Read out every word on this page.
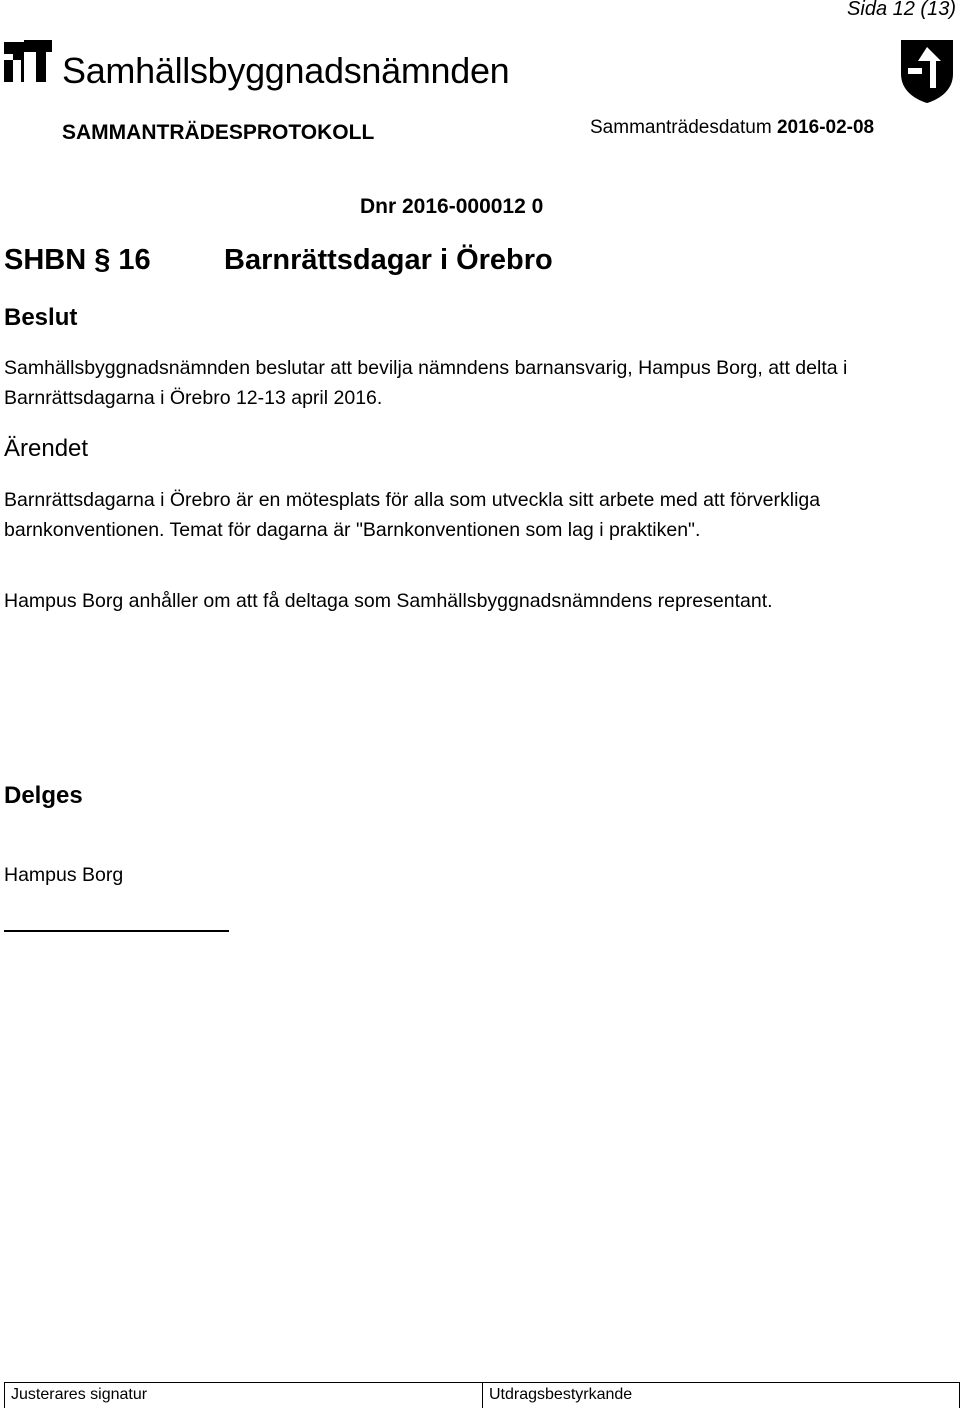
Sida 12 (13)
Samhällsbyggnadsnämnden
SAMMANTRÄDESPROTOKOLL	Sammanträdesdatum 2016-02-08
Dnr 2016-000012 0
SHBN § 16	Barnrättsdagar i Örebro
Beslut
Samhällsbyggnadsnämnden beslutar att bevilja nämndens barnansvarig, Hampus Borg, att delta i Barnrättsdagarna i Örebro 12-13 april 2016.
Ärendet
Barnrättsdagarna i Örebro är en mötesplats för alla som utveckla sitt arbete med att förverkliga barnkonventionen. Temat för dagarna är "Barnkonventionen som lag i praktiken".
Hampus Borg anhåller om att få deltaga som Samhällsbyggnadsnämndens representant.
Delges
Hampus Borg
Justerares signatur	Utdragsbestyrkande
